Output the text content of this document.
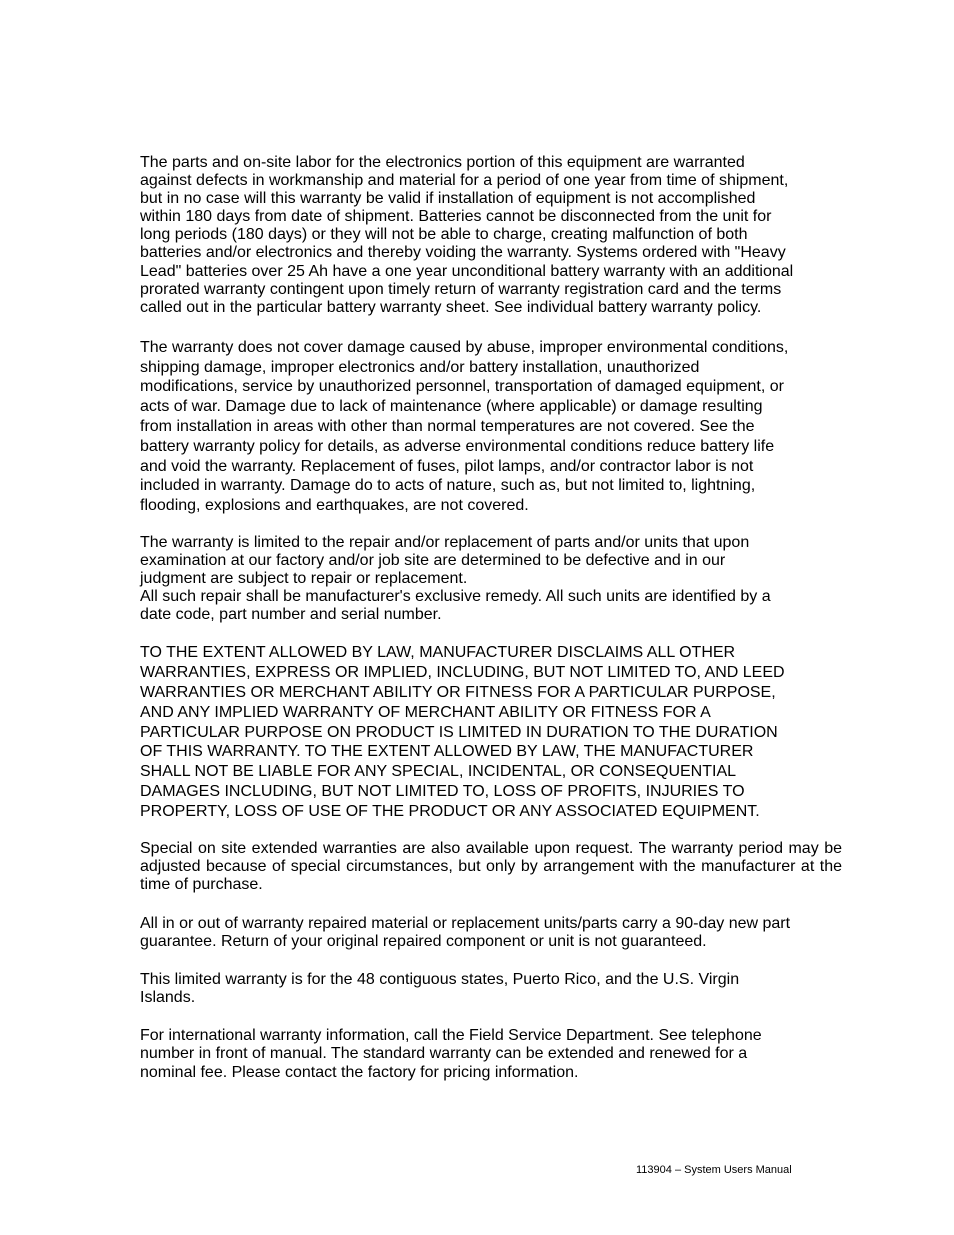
The parts and on-site labor for the electronics portion of this equipment are warranted
against defects in workmanship and material for a period of one year from time of shipment,
but in no case will this warranty be valid if installation of equipment is not accomplished
within 180 days from date of shipment. Batteries cannot be disconnected from the unit for
long periods (180 days) or they will not be able to charge, creating malfunction of both
batteries and/or electronics and thereby voiding the warranty. Systems ordered with "Heavy
Lead" batteries over 25 Ah have a one year unconditional battery warranty with an additional
prorated warranty contingent upon timely return of warranty registration card and the terms
called out in the particular battery warranty sheet. See individual battery warranty policy.

The warranty does not cover damage caused by abuse, improper environmental conditions,
shipping damage, improper electronics and/or battery installation, unauthorized
modifications, service by unauthorized personnel, transportation of damaged equipment, or
acts of war. Damage due to lack of maintenance (where applicable) or damage resulting
from installation in areas with other than normal temperatures are not covered. See the
battery warranty policy for details, as adverse environmental conditions reduce battery life
and void the warranty. Replacement of fuses, pilot lamps, and/or contractor labor is not
included in warranty. Damage do to acts of nature, such as, but not limited to, lightning,
flooding, explosions and earthquakes, are not covered.

The warranty is limited to the repair and/or replacement of parts and/or units that upon
examination at our factory and/or job site are determined to be defective and in our
judgment are subject to repair or replacement.
All such repair shall be manufacturer's exclusive remedy. All such units are identified by a
date code, part number and serial number.

TO THE EXTENT ALLOWED BY LAW, MANUFACTURER DISCLAIMS ALL OTHER
WARRANTIES, EXPRESS OR IMPLIED, INCLUDING, BUT NOT LIMITED TO, AND LEED
WARRANTIES OR MERCHANT ABILITY OR FITNESS FOR A PARTICULAR PURPOSE,
AND ANY IMPLIED WARRANTY OF MERCHANT ABILITY OR FITNESS FOR A
PARTICULAR PURPOSE ON PRODUCT IS LIMITED IN DURATION TO THE DURATION
OF THIS WARRANTY. TO THE EXTENT ALLOWED BY LAW, THE MANUFACTURER
SHALL NOT BE LIABLE FOR ANY SPECIAL, INCIDENTAL, OR CONSEQUENTIAL
DAMAGES INCLUDING, BUT NOT LIMITED TO, LOSS OF PROFITS, INJURIES TO
PROPERTY, LOSS OF USE OF THE PRODUCT OR ANY ASSOCIATED EQUIPMENT.

Special on site extended warranties are also available upon request. The warranty period may be adjusted because of special circumstances, but only by arrangement with the manufacturer at the time of purchase.

All in or out of warranty repaired material or replacement units/parts carry a 90-day new part
guarantee. Return of your original repaired component or unit is not guaranteed.

This limited warranty is for the 48 contiguous states, Puerto Rico, and the U.S. Virgin
Islands.

For international warranty information, call the Field Service Department. See telephone
number in front of manual. The standard warranty can be extended and renewed for a
nominal fee. Please contact the factory for pricing information.

113904 – System Users Manual
